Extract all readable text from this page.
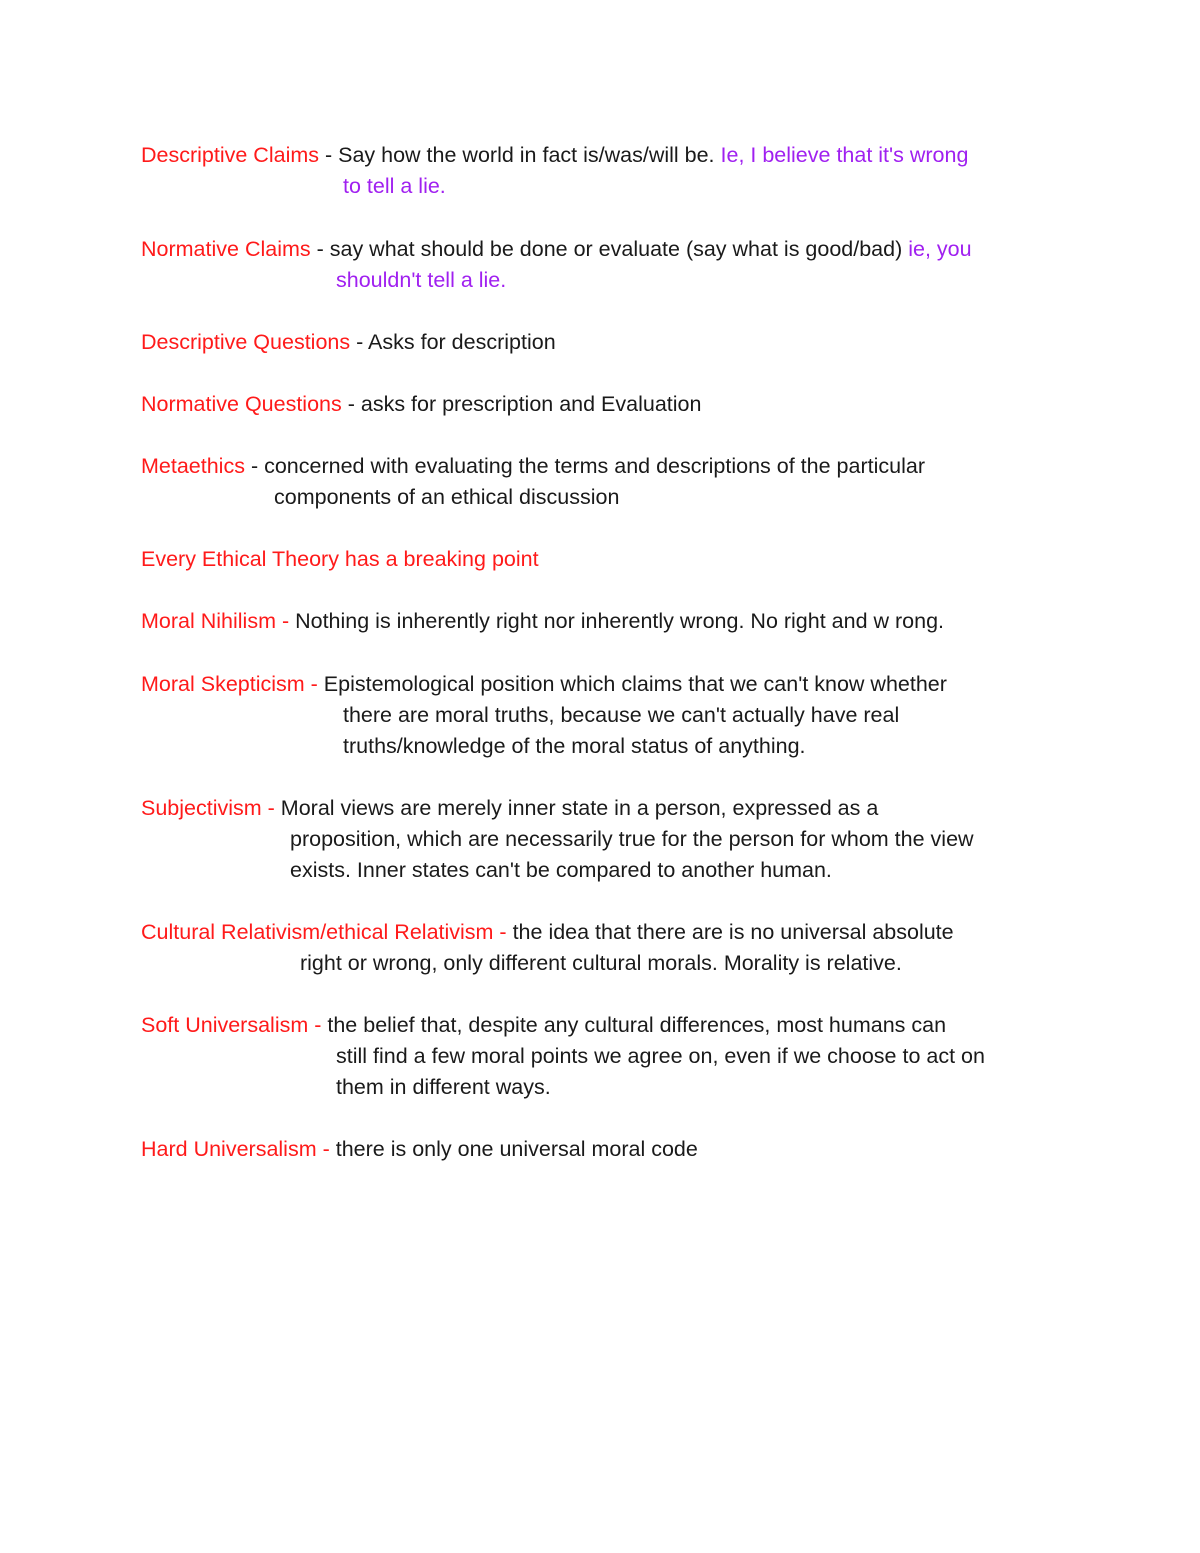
Descriptive Claims - Say how the world in fact is/was/will be. Ie, I believe that it's wrong
to tell a lie.
Normative Claims - say what should be done or evaluate (say what is good/bad) ie, you
shouldn't tell a lie.
Descriptive Questions - Asks for description
Normative Questions - asks for prescription and Evaluation
Metaethics - concerned with evaluating the terms and descriptions of the particular
components of an ethical discussion
Every Ethical Theory has a breaking point
Moral Nihilism - Nothing is inherently right nor inherently wrong. No right and w rong.
Moral Skepticism - Epistemological position which claims that we can't know whether
there are moral truths, because we can't actually have real
truths/knowledge of the moral status of anything.
Subjectivism - Moral views are merely inner state in a person, expressed as a
proposition, which are necessarily true for the person for whom the view
exists. Inner states can't be compared to another human.
Cultural Relativism/ethical Relativism - the idea that there are is no universal absolute
right or wrong, only different cultural morals. Morality is relative.
Soft Universalism - the belief that, despite any cultural differences, most humans can
still find a few moral points we agree on, even if we choose to act on
them in different ways.
Hard Universalism - there is only one universal moral code
